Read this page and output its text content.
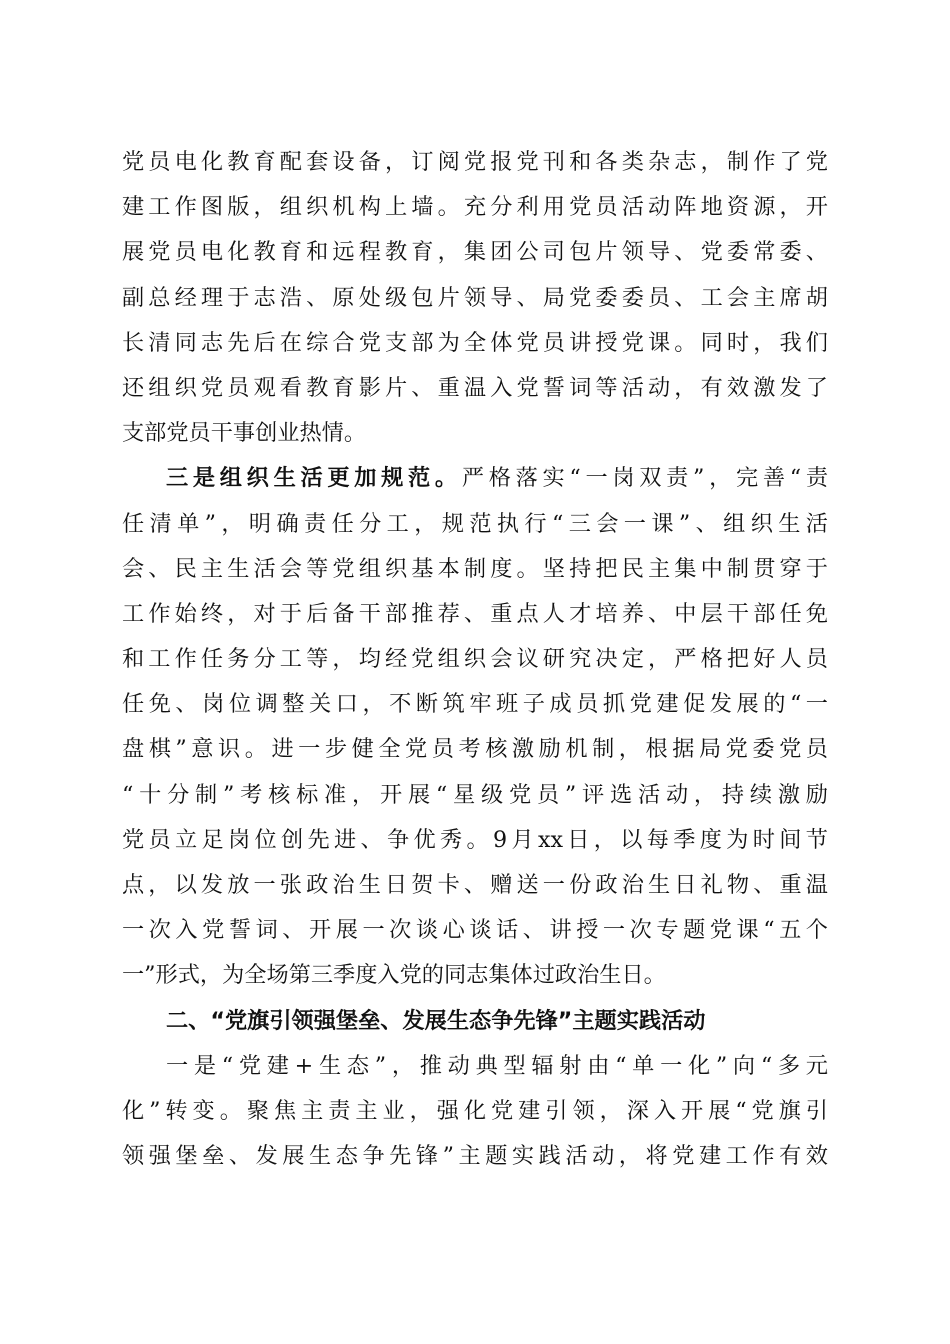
党员电化教育配套设备，订阅党报党刊和各类杂志，制作了党
建工作图版，组织机构上墙。充分利用党员活动阵地资源，开
展党员电化教育和远程教育，集团公司包片领导、党委常委、
副总经理于志浩、原处级包片领导、局党委委员、工会主席胡
长清同志先后在综合党支部为全体党员讲授党课。同时，我们
还组织党员观看教育影片、重温入党誓词等活动，有效激发了
支部党员干事创业热情。
三是组织生活更加规范。严格落实“一岗双责”，完善“责
任清单”，明确责任分工，规范执行“三会一课”、组织生活
会、民主生活会等党组织基本制度。坚持把民主集中制贯穿于
工作始终，对于后备干部推荐、重点人才培养、中层干部任免
和工作任务分工等，均经党组织会议研究决定，严格把好人员
任免、岗位调整关口，不断筑牢班子成员抓党建促发展的“一
盘棋”意识。进一步健全党员考核激励机制，根据局党委党员
“十分制”考核标准，开展“星级党员”评选活动，持续激励
党员立足岗位创先进、争优秀。9月xx日，以每季度为时间节
点，以发放一张政治生日贺卡、赠送一份政治生日礼物、重温
一次入党誓词、开展一次谈心谈话、讲授一次专题党课“五个
一”形式，为全场第三季度入党的同志集体过政治生日。
二、“党旗引领强堡垒、发展生态争先锋”主题实践活动
一是“党建+生态”，推动典型辐射由“单一化”向“多元
化”转变。聚焦主责主业，强化党建引领，深入开展“党旗引
领强堡垒、发展生态争先锋”主题实践活动，将党建工作有效
